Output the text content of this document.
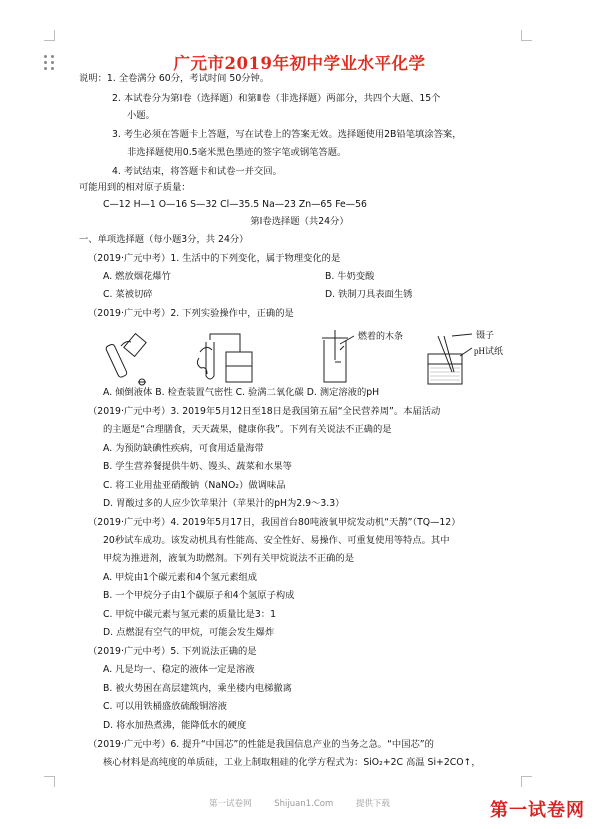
广元市2019年初中学业水平化学
说明：1. 全卷满分 60分，考试时间 50分钟。
2. 本试卷分为第Ⅰ卷（选择题）和第Ⅱ卷（非选择题）两部分，共四个大题、15个
小题。
3. 考生必须在答题卡上答题，写在试卷上的答案无效。选择题使用2B铅笔填涂答案，
非选择题使用0.5毫米黑色墨迹的签字笔或钢笔答题。
4. 考试结束，将答题卡和试卷一并交回。
可能用到的相对原子质量：
C—12 H—1 O—16 S—32 Cl—35.5 Na—23 Zn—65 Fe—56
第Ⅰ卷选择题（共24分）
一、单项选择题（每小题3分，共 24分）
（2019·广元中考）1. 生活中的下列变化，属于物理变化的是
A. 燃放烟花爆竹	B. 牛奶变酸
C. 菜被切碎	D. 铁制刀具表面生锈
（2019·广元中考）2. 下列实验操作中，正确的是
A. 倾倒液体 B. 检查装置气密性 C. 验满二氧化碳 D. 测定溶液的pH
（2019·广元中考）3. 2019年5月12日至18日是我国第五届“全民营养周”。本届活动
的主题是“合理膳食，天天蔬果，健康你我”。下列有关说法不正确的是
A. 为预防缺碘性疾病，可食用适量海带
B. 学生营养餐提供牛奶、馒头、蔬菜和水果等
C. 将工业用盐亚硝酸钠（NaNO₂）做调味品
D. 胃酸过多的人应少饮苹果汁（苹果汁的pH为2.9～3.3）
（2019·广元中考）4. 2019年5月17日，我国首台80吨液氧甲烷发动机“天鹊”（TQ—12）
20秒试车成功。该发动机具有性能高、安全性好、易操作、可重复使用等特点。其中
甲烷为推进剂，液氧为助燃剂。下列有关甲烷说法不正确的是
A. 甲烷由1个碳元素和4个氢元素组成
B. 一个甲烷分子由1个碳原子和4个氢原子构成
C. 甲烷中碳元素与氢元素的质量比是3：1
D. 点燃混有空气的甲烷，可能会发生爆炸
（2019·广元中考）5. 下列说法正确的是
A. 凡是均一、稳定的液体一定是溶液
B. 被火势困在高层建筑内，乘坐楼内电梯撤离
C. 可以用铁桶盛放硫酸铜溶液
D. 将水加热煮沸，能降低水的硬度
（2019·广元中考）6. 提升“中国芯”的性能是我国信息产业的当务之急。“中国芯”的
核心材料是高纯度的单质硅，工业上制取粗硅的化学方程式为：SiO₂+2C 高温 Si+2CO↑，
燃着的木条	镊子
pH试纸
第一试卷网	Shijuan1.Com	提供下载	第一试卷网
